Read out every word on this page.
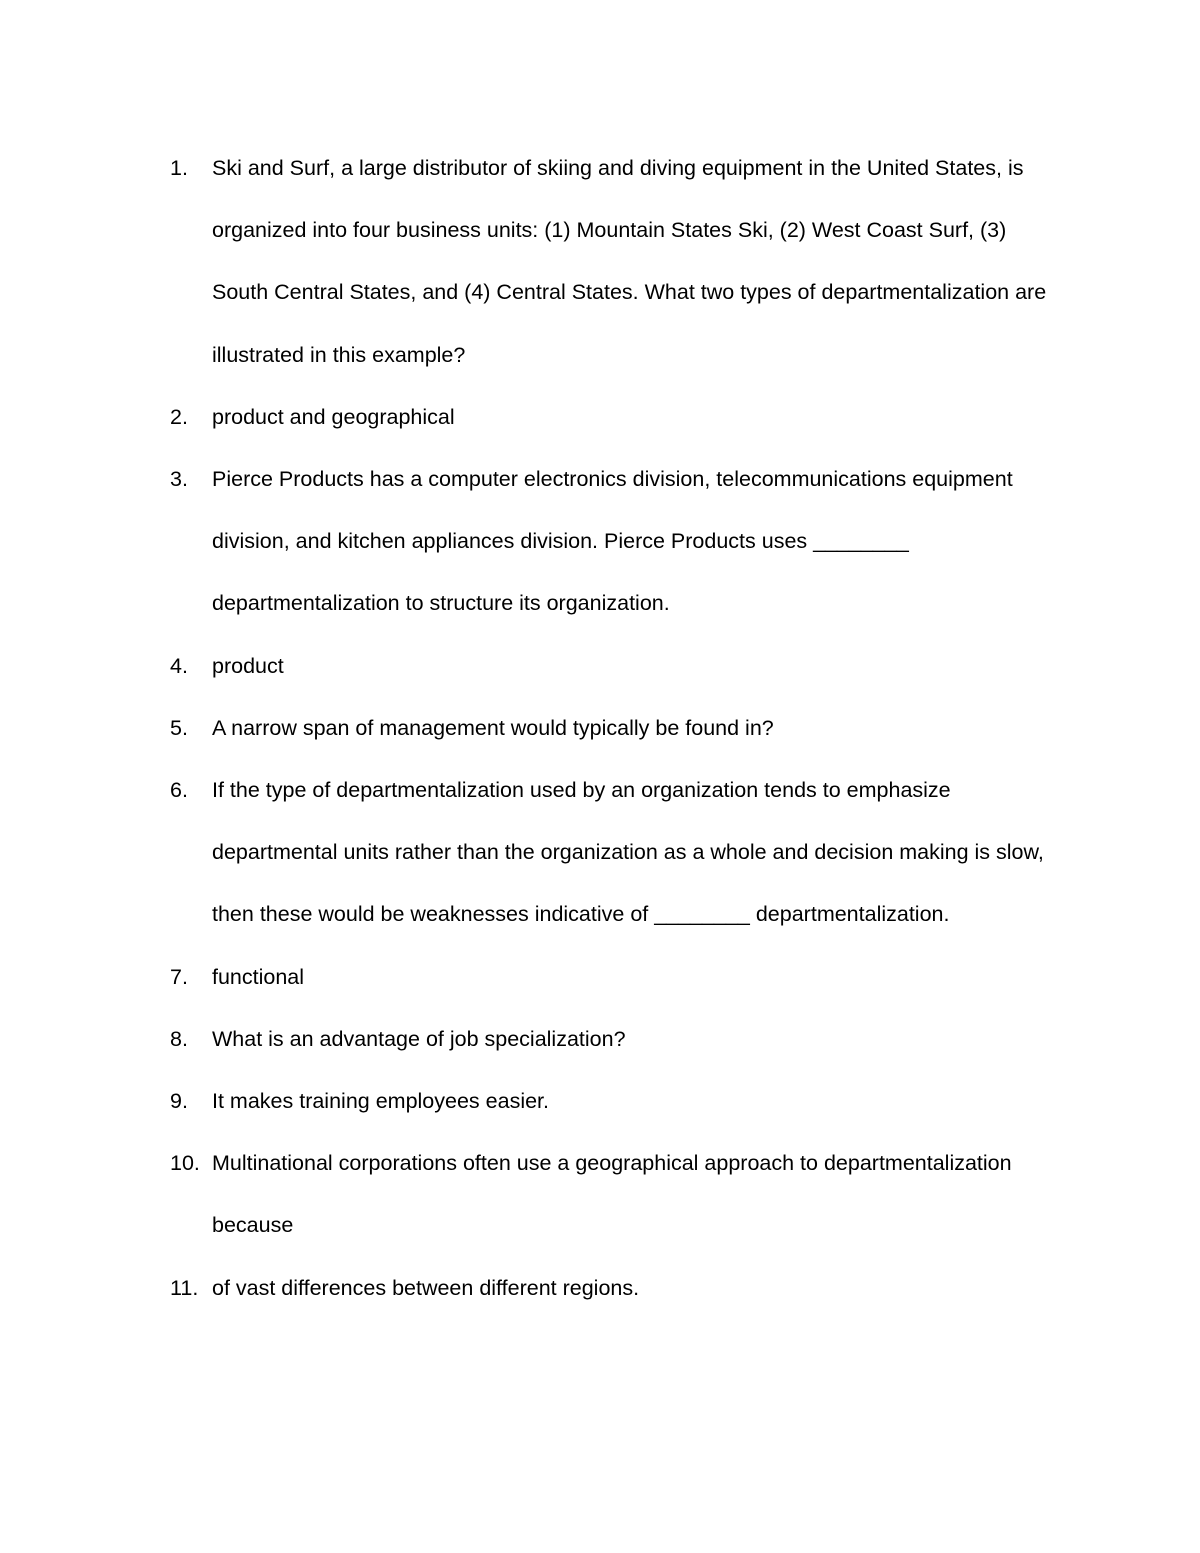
1.	Ski and Surf, a large distributor of skiing and diving equipment in the United States, is organized into four business units: (1) Mountain States Ski, (2) West Coast Surf, (3) South Central States, and (4) Central States. What two types of departmentalization are illustrated in this example?
2.	product and geographical
3.	Pierce Products has a computer electronics division, telecommunications equipment division, and kitchen appliances division. Pierce Products uses ________ departmentalization to structure its organization.
4.	product
5.	A narrow span of management would typically be found in?
6.	If the type of departmentalization used by an organization tends to emphasize departmental units rather than the organization as a whole and decision making is slow, then these would be weaknesses indicative of ________ departmentalization.
7.	functional
8.	What is an advantage of job specialization?
9.	It makes training employees easier.
10. Multinational corporations often use a geographical approach to departmentalization because
11. of vast differences between different regions.
